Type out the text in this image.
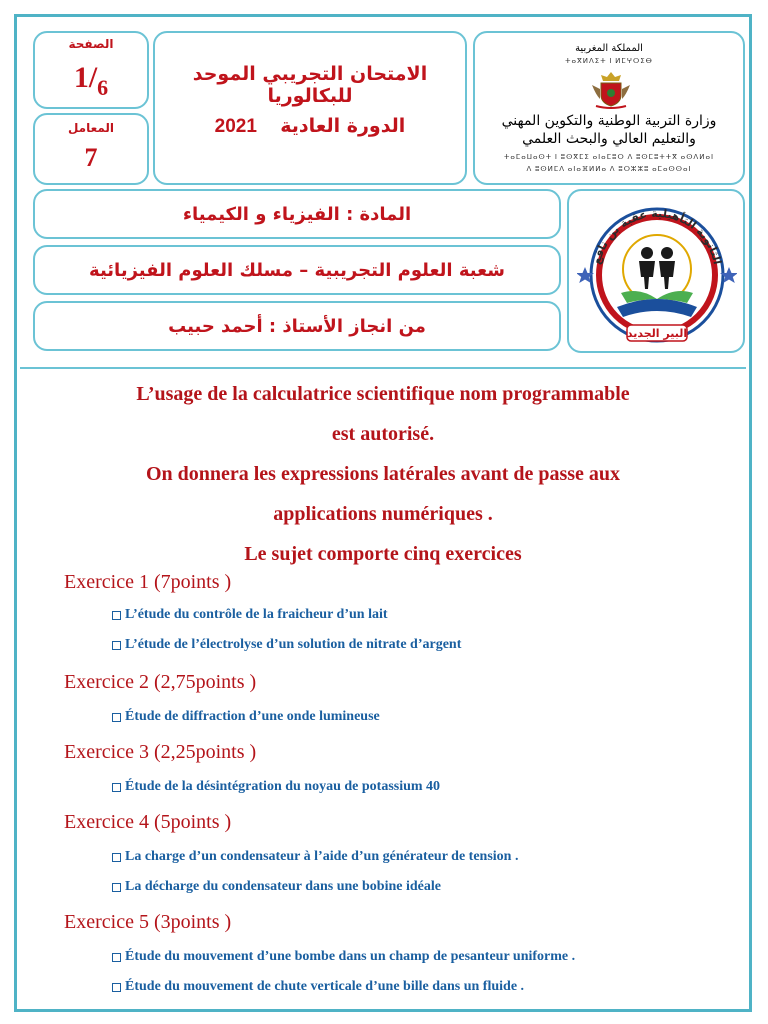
الصفحة
$1/_6$
المعامل
7
الامتحان التجريبي الموحد للبكالوريا
الدورة العادية  2021
المملكة المغربية
ⵜⴰⴳⵍⴷⵉⵜ ⵏ ⵍⵎⵖⵔⵉⴱ
وزارة التربية الوطنية والتكوين المهني
والتعليم العالي والبحث العلمي
ⵜⴰⵎⴰⵡⴰⵙⵜ ⵏ ⵓⵙⴳⵎⵉ ⴰⵏⴰⵎⵓⵔ ⴷ ⵓⵙⵎⵓⵜⵜⴳ ⴰⵙⴷⵍⴰⵏ
ⴷ ⵓⵙⵍⵎⴷ ⴰⵏⴰⴼⵍⵍⴰ ⴷ ⵓⵔⵣⵣⵓ ⴰⵎⴰⵙⵙⴰⵏ
المادة : الفيزياء و الكيمياء
شعبة العلوم التجريبية – مسلك العلوم الفيزيائية
من انجاز الأستاذ : أحمد حبيب
الثانوية التأهيلية عقبة بن نافع
البير الجديد
L’usage de la calculatrice scientifique nom programmable
est autorisé.
On donnera les expressions latérales avant de passe aux
applications numériques .
Le sujet comporte cinq exercices
Exercice 1 (7points )
L’étude du contrôle de la fraicheur d’un lait
L’étude de l’électrolyse d’un solution de nitrate d’argent
Exercice 2 (2,75points )
Étude de diffraction d’une onde lumineuse
Exercice 3 (2,25points )
Étude de la désintégration du noyau de potassium 40
Exercice 4 (5points )
La charge d’un condensateur à l’aide d’un générateur de tension .
La décharge du condensateur dans une bobine idéale
Exercice 5 (3points )
Étude du mouvement d’une bombe dans un champ de pesanteur uniforme .
Étude du mouvement de chute verticale d’une bille dans un fluide .
